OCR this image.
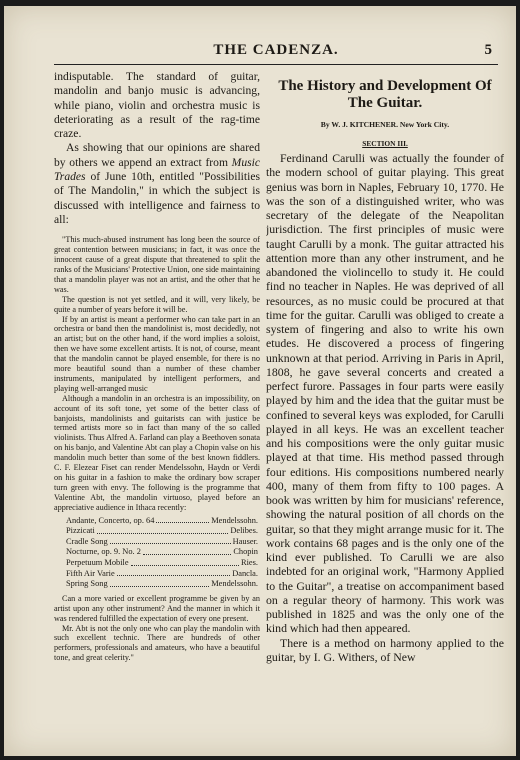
THE CADENZA.	5

indisputable. The standard of guitar, mandolin and banjo music is advancing, while piano, violin and orchestra music is deteriorating as a result of the rag-time craze.

As showing that our opinions are shared by others we append an extract from Music Trades of June 10th, entitled "Possibilities of The Mandolin," in which the subject is discussed with intelligence and fairness to all:

"This much-abused instrument has long been the source of great contention between musicians; in fact, it was once the innocent cause of a great dispute that threatened to split the ranks of the Musicians' Protective Union, one side maintaining that a mandolin player was not an artist, and the other that he was.

The question is not yet settled, and it will, very likely, be quite a number of years before it will be.

If by an artist is meant a performer who can take part in an orchestra or band then the mandolinist is, most decidedly, not an artist; but on the other hand, if the word implies a soloist, then we have some excellent artists. It is not, of course, meant that the mandolin cannot be played ensemble, for there is no more beautiful sound than a number of these chamber instruments, manipulated by intelligent performers, and playing well-arranged music

Although a mandolin in an orchestra is an impossibility, on account of its soft tone, yet some of the better class of banjoists, mandolinists and guitarists can with justice be termed artists more so in fact than many of the so called violinists. Thus Alfred A. Farland can play a Beethoven sonata on his banjo, and Valentine Abt can play a Chopin valse on his mandolin much better than some of the best known fiddlers. C. F. Elezear Fiset can render Mendelssohn, Haydn or Verdi on his guitar in a fashion to make the ordinary bow scraper turn green with envy. The following is the programme that Valentine Abt, the mandolin virtuoso, played before an appreciative audience in Ithaca recently:

Andante, Concerto, op. 64	Mendelssohn.
Pizzicati	Delibes.
Cradle Song	Hauser.
Nocturne, op. 9. No. 2	Chopin
Perpetuum Mobile	Ries.
Fifth Air Varie	Dancla.
Spring Song	Mendelssohn.

Can a more varied or excellent programme be given by an artist upon any other instrument? And the manner in which it was rendered fulfilled the expectation of every one present.

Mr. Abt is not the only one who can play the mandolin with such excellent technic. There are hundreds of other performers, professionals and amateurs, who have a beautiful tone, and great celerity."

The History and Development Of The Guitar.
By W. J. KITCHENER. New York City.
SECTION III.

Ferdinand Carulli was actually the founder of the modern school of guitar playing. This great genius was born in Naples, February 10, 1770. He was the son of a distinguished writer, who was secretary of the delegate of the Neapolitan jurisdiction. The first principles of music were taught Carulli by a monk. The guitar attracted his attention more than any other instrument, and he abandoned the violincello to study it. He could find no teacher in Naples. He was deprived of all resources, as no music could be procured at that time for the guitar. Carulli was obliged to create a system of fingering and also to write his own etudes. He discovered a process of fingering unknown at that period. Arriving in Paris in April, 1808, he gave several concerts and created a perfect furore. Passages in four parts were easily played by him and the idea that the guitar must be confined to several keys was exploded, for Carulli played in all keys. He was an excellent teacher and his compositions were the only guitar music played at that time. His method passed through four editions. His compositions numbered nearly 400, many of them from fifty to 100 pages. A book was written by him for musicians' reference, showing the natural position of all chords on the guitar, so that they might arrange music for it. The work contains 68 pages and is the only one of the kind ever published. To Carulli we are also indebted for an original work, "Harmony Applied to the Guitar", a treatise on accompaniment based on a regular theory of harmony. This work was published in 1825 and was the only one of the kind which had then appeared.

There is a method on harmony applied to the guitar, by I. G. Withers, of New
